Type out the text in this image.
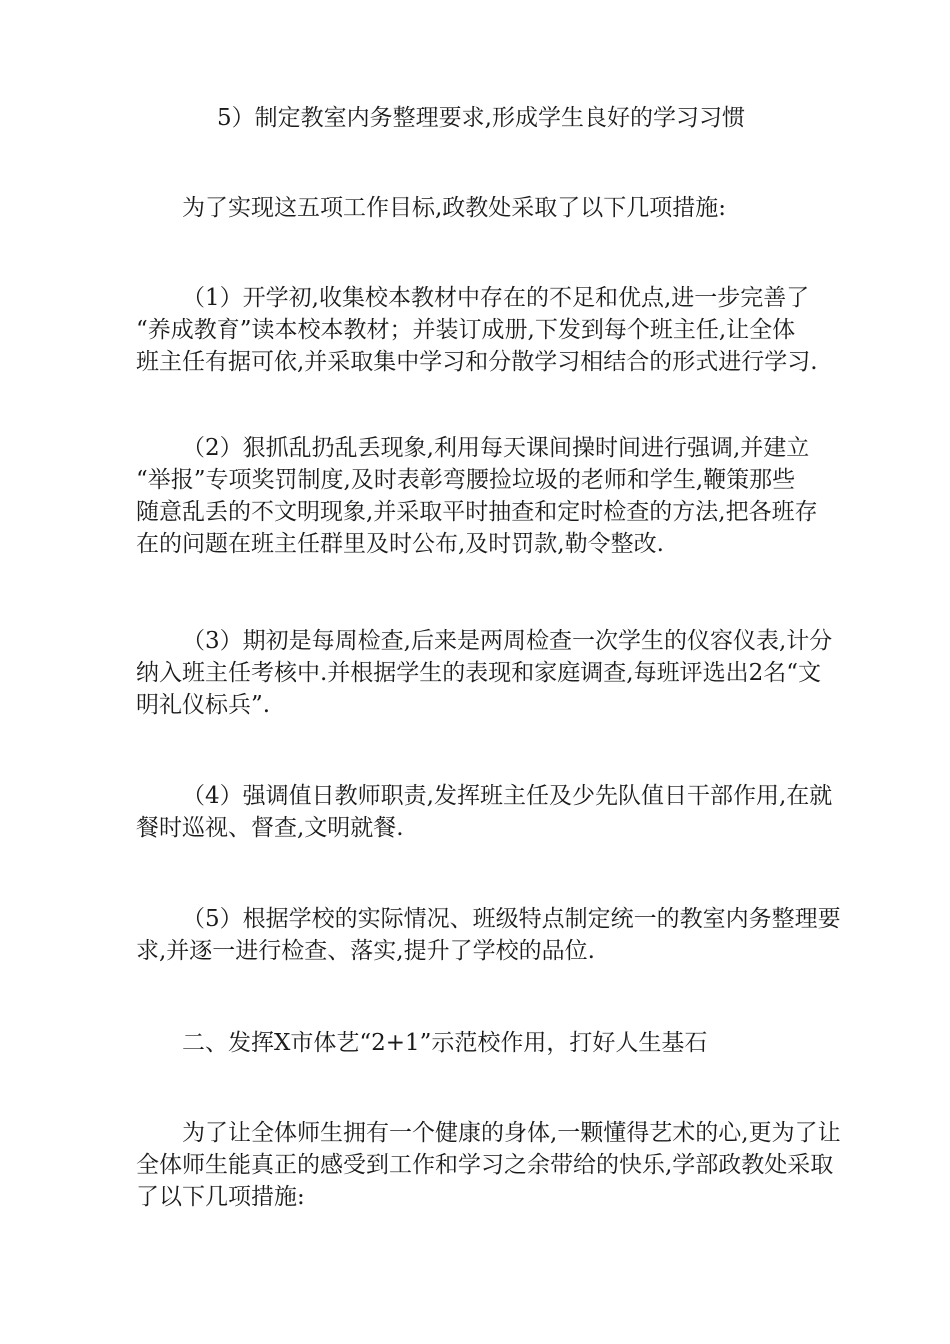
5）制定教室内务整理要求,形成学生良好的学习习惯
为了实现这五项工作目标,政教处采取了以下几项措施:
（1）开学初,收集校本教材中存在的不足和优点,进一步完善了
“养成教育”读本校本教材；并装订成册,下发到每个班主任,让全体
班主任有据可依,并采取集中学习和分散学习相结合的形式进行学习.
（2）狠抓乱扔乱丢现象,利用每天课间操时间进行强调,并建立
“举报”专项奖罚制度,及时表彰弯腰捡垃圾的老师和学生,鞭策那些
随意乱丢的不文明现象,并采取平时抽查和定时检查的方法,把各班存
在的问题在班主任群里及时公布,及时罚款,勒令整改.
（3）期初是每周检查,后来是两周检查一次学生的仪容仪表,计分
纳入班主任考核中.并根据学生的表现和家庭调查,每班评选出2名“文
明礼仪标兵”.
（4）强调值日教师职责,发挥班主任及少先队值日干部作用,在就
餐时巡视、督查,文明就餐.
（5）根据学校的实际情况、班级特点制定统一的教室内务整理要
求,并逐一进行检查、落实,提升了学校的品位.
二、发挥X市体艺“2+1”示范校作用，打好人生基石
为了让全体师生拥有一个健康的身体,一颗懂得艺术的心,更为了让
全体师生能真正的感受到工作和学习之余带给的快乐,学部政教处采取
了以下几项措施:
